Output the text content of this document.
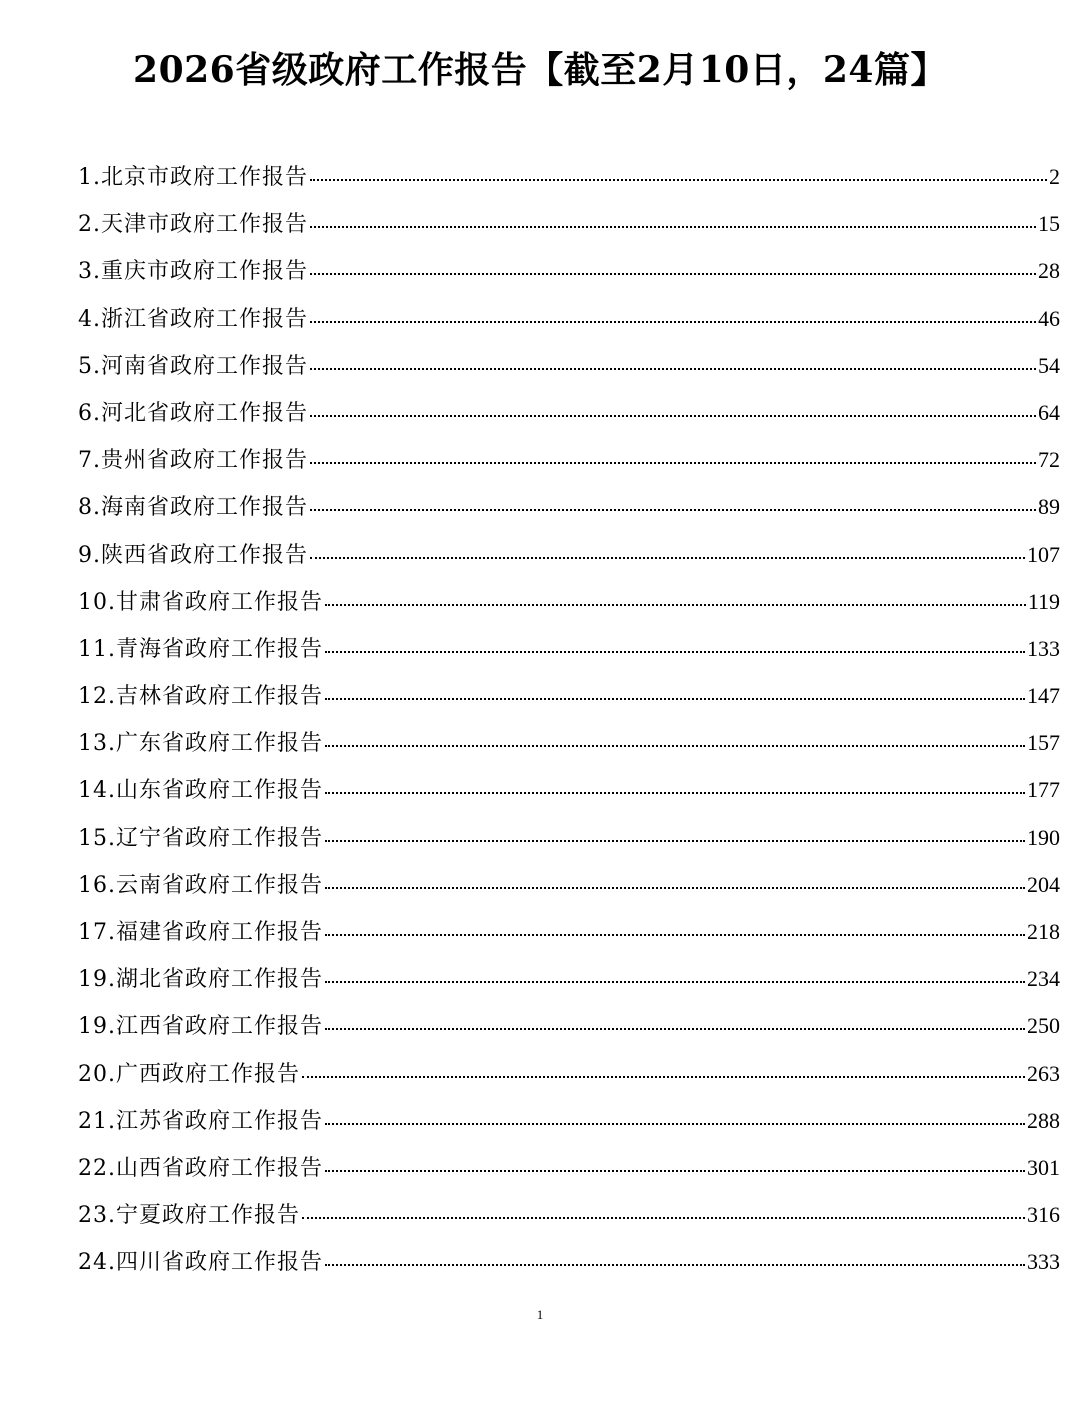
2026省级政府工作报告【截至2月10日，24篇】
1.北京市政府工作报告	2
2.天津市政府工作报告	15
3.重庆市政府工作报告	28
4.浙江省政府工作报告	46
5.河南省政府工作报告	54
6.河北省政府工作报告	64
7.贵州省政府工作报告	72
8.海南省政府工作报告	89
9.陕西省政府工作报告	107
10.甘肃省政府工作报告	119
11.青海省政府工作报告	133
12.吉林省政府工作报告	147
13.广东省政府工作报告	157
14.山东省政府工作报告	177
15.辽宁省政府工作报告	190
16.云南省政府工作报告	204
17.福建省政府工作报告	218
19.湖北省政府工作报告	234
19.江西省政府工作报告	250
20.广西政府工作报告	263
21.江苏省政府工作报告	288
22.山西省政府工作报告	301
23.宁夏政府工作报告	316
24.四川省政府工作报告	333
1
